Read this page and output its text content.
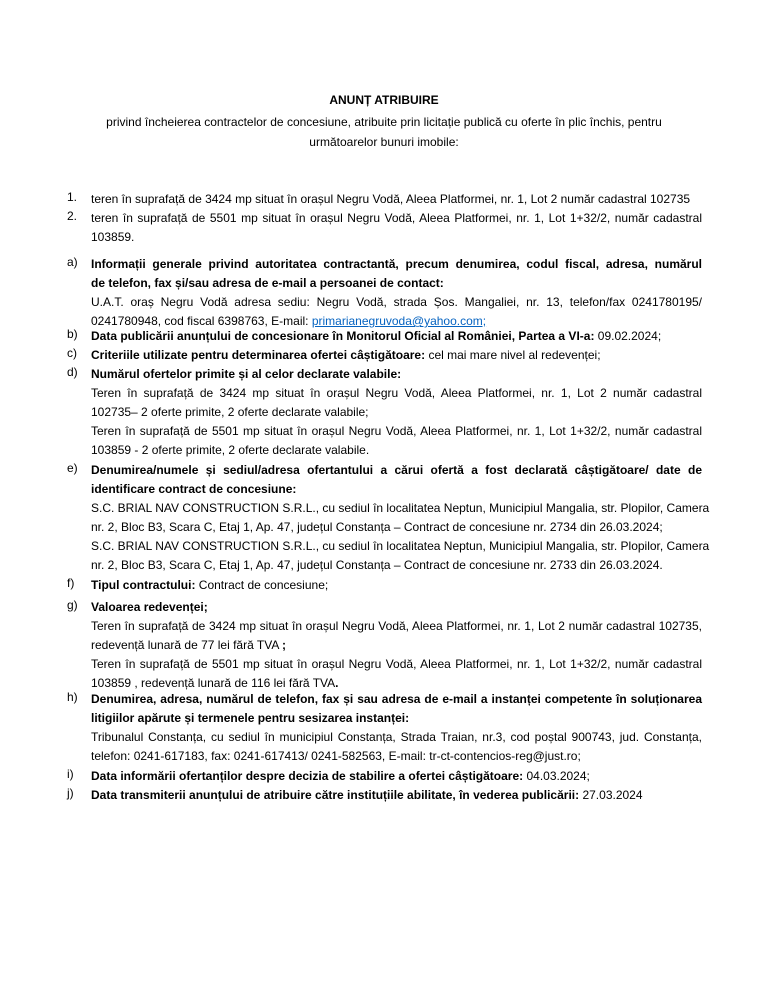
ANUNȚ ATRIBUIRE
privind încheierea contractelor de concesiune, atribuite prin licitație publică cu oferte în plic închis, pentru
următoarelor bunuri imobile:
1. teren în suprafață de 3424 mp situat în orașul Negru Vodă, Aleea Platformei, nr. 1, Lot 2 număr cadastral 102735
2. teren în suprafață de 5501 mp situat în orașul Negru Vodă, Aleea Platformei, nr. 1, Lot 1+32/2, număr cadastral
103859.
a) Informații generale privind autoritatea contractantă, precum denumirea, codul fiscal, adresa, numărul
de telefon, fax și/sau adresa de e-mail a persoanei de contact:
U.A.T. oraș Negru Vodă adresa sediu: Negru Vodă, strada Șos. Mangaliei, nr. 13, telefon/fax 0241780195/
0241780948, cod fiscal 6398763, E-mail: primarianegruvoda@yahoo.com;
b) Data publicării anunțului de concesionare în Monitorul Oficial al României, Partea a VI-a: 09.02.2024;
c) Criteriile utilizate pentru determinarea ofertei câștigătoare: cel mai mare nivel al redevenței;
d) Numărul ofertelor primite și al celor declarate valabile:
Teren în suprafață de 3424 mp situat în orașul Negru Vodă, Aleea Platformei, nr. 1, Lot 2 număr cadastral
102735– 2 oferte primite, 2 oferte declarate valabile;
Teren în suprafață de 5501 mp situat în orașul Negru Vodă, Aleea Platformei, nr. 1, Lot 1+32/2, număr cadastral
103859 - 2 oferte primite, 2 oferte declarate valabile.
e) Denumirea/numele și sediul/adresa ofertantului a cărui ofertă a fost declarată câștigătoare/ date de
identificare contract de concesiune:
S.C. BRIAL NAV CONSTRUCTION S.R.L., cu sediul în localitatea Neptun, Municipiul Mangalia, str. Plopilor, Camera
nr. 2, Bloc B3, Scara C, Etaj 1, Ap. 47, județul Constanța – Contract de concesiune nr. 2734 din 26.03.2024;
S.C. BRIAL NAV CONSTRUCTION S.R.L., cu sediul în localitatea Neptun, Municipiul Mangalia, str. Plopilor, Camera
nr. 2, Bloc B3, Scara C, Etaj 1, Ap. 47, județul Constanța – Contract de concesiune nr. 2733 din 26.03.2024.
f) Tipul contractului: Contract de concesiune;
g) Valoarea redevenței;
Teren în suprafață de 3424 mp situat în orașul Negru Vodă, Aleea Platformei, nr. 1, Lot 2 număr cadastral 102735,
redevență lunară de 77 lei fără TVA ;
Teren în suprafață de 5501 mp situat în orașul Negru Vodă, Aleea Platformei, nr. 1, Lot 1+32/2, număr cadastral
103859 , redevență lunară de 116 lei fără TVA.
h) Denumirea, adresa, numărul de telefon, fax și sau adresa de e-mail a instanței competente în soluționarea
litigiilor apărute și termenele pentru sesizarea instanței:
Tribunalul Constanța, cu sediul în municipiul Constanța, Strada Traian, nr.3, cod poștal 900743, jud. Constanța,
telefon: 0241-617183, fax: 0241-617413/ 0241-582563, E-mail: tr-ct-contencios-reg@just.ro;
i) Data informării ofertanților despre decizia de stabilire a ofertei câștigătoare: 04.03.2024;
j) Data transmiterii anunțului de atribuire către instituțiile abilitate, în vederea publicării: 27.03.2024
